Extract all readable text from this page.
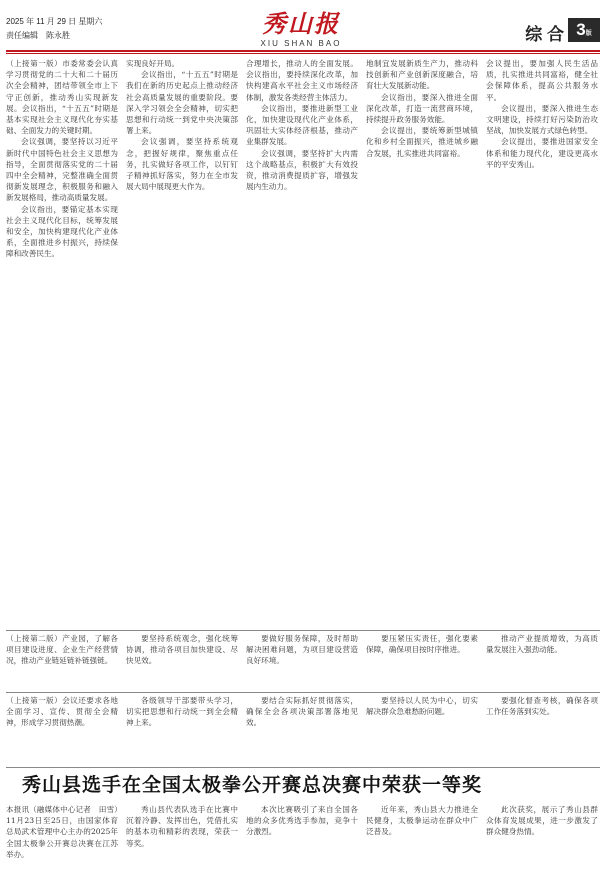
2025 年 11 月 29 日 星期六
责任编辑　陈永胜	秀山报
XIU SHAN BAO	综 合 3版

（上接第一版）市委常委会认真学习贯彻党的二十大和二十届历次全会精神，团结带领全市上下守正创新，推动秀山实现新发展。会议指出，“十五五”时期是基本实现社会主义现代化夯实基础、全面发力的关键时期。

会议强调，要坚持以习近平新时代中国特色社会主义思想为指导，全面贯彻落实党的二十届四中全会精神，完整准确全面贯彻新发展理念，积极服务和融入新发展格局，推动高质量发展。

会议指出，要锚定基本实现社会主义现代化目标，统筹发展和安全，加快构建现代化产业体系，全面推进乡村振兴，持续保障和改善民生。

实现良好开局。

会议指出，“十五五”时期是我们在新的历史起点上推动经济社会高质量发展的重要阶段。要深入学习领会全会精神，切实把思想和行动统一到党中央决策部署上来。

会议强调，要坚持系统观念，把握好规律，聚焦重点任务，扎实做好各项工作，以钉钉子精神抓好落实，努力在全市发展大局中展现更大作为。

合理增长，推动人的全面发展。会议指出，要持续深化改革，加快构建高水平社会主义市场经济体制，激发各类经营主体活力。

会议指出，要推进新型工业化，加快建设现代化产业体系，巩固壮大实体经济根基，推动产业集群发展。

会议强调，要坚持扩大内需这个战略基点，积极扩大有效投资，推动消费提质扩容，增强发展内生动力。

地制宜发展新质生产力，推动科技创新和产业创新深度融合，培育壮大发展新动能。

会议指出，要深入推进全面深化改革，打造一流营商环境，持续提升政务服务效能。

会议提出，要统筹新型城镇化和乡村全面振兴，推进城乡融合发展，扎实推进共同富裕。

会议提出，要加强人民生活品质，扎实推进共同富裕，健全社会保障体系，提高公共服务水平。

会议提出，要深入推进生态文明建设，持续打好污染防治攻坚战，加快发展方式绿色转型。

会议提出，要推进国家安全体系和能力现代化，建设更高水平的平安秀山。

（上接第二版）产业园，了解各项目建设进度、企业生产经营情况，推动产业链延链补链强链。

要坚持系统观念，强化统筹协调，推动各项目加快建设、尽快见效。

要做好服务保障，及时帮助解决困难问题，为项目建设营造良好环境。

要压紧压实责任，强化要素保障，确保项目按时序推进。

推动产业提质增效，为高质量发展注入强劲动能。

（上接第一版）会议还要求各地全面学习、宣传、贯彻全会精神，形成学习贯彻热潮。

各级领导干部要带头学习，切实把思想和行动统一到全会精神上来。

要结合实际抓好贯彻落实，确保全会各项决策部署落地见效。

要坚持以人民为中心，切实解决群众急难愁盼问题。

要强化督查考核，确保各项工作任务落到实处。

秀山县选手在全国太极拳公开赛总决赛中荣获一等奖

本报讯（融媒体中心记者　田雪）11月23日至25日，由国家体育总局武术管理中心主办的2025年全国太极拳公开赛总决赛在江苏举办。

秀山县代表队选手在比赛中沉着冷静、发挥出色，凭借扎实的基本功和精彩的表现，荣获一等奖。

本次比赛吸引了来自全国各地的众多优秀选手参加，竞争十分激烈。

近年来，秀山县大力推进全民健身，太极拳运动在群众中广泛普及。

此次获奖，展示了秀山县群众体育发展成果，进一步激发了群众健身热情。
